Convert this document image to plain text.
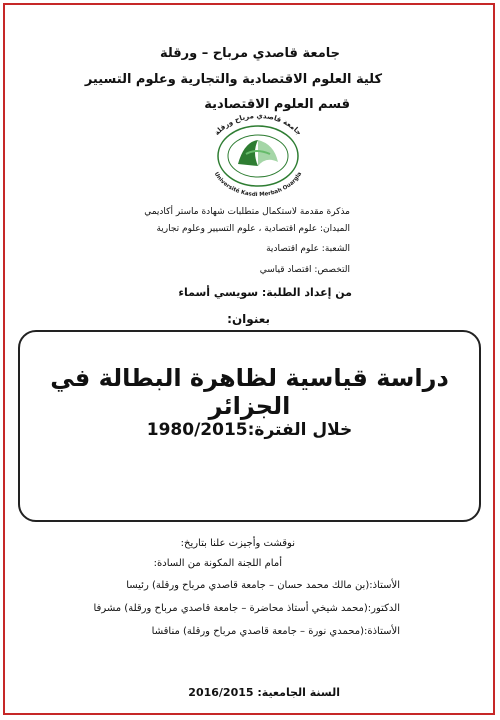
جامعة قاصدي مرباح – ورقلة
كلية العلوم الاقتصادية والتجارية وعلوم التسيير
قسم العلوم الاقتصادية
جامعة قاصدي مرباح ورقلة
Université Kasdi Merbah Ouargla
مذكرة مقدمة لاستكمال متطلبات شهادة ماستر أكاديمي
الميدان: علوم اقتصادية ، علوم التسيير وعلوم تجارية
الشعبة: علوم اقتصادية
التخصص: اقتصاد قياسي
من إعداد الطلبة: سويسي أسماء
بعنوان:
دراسة قياسية لظاهرة البطالة في الجزائر
خلال الفترة:1980/2015
نوقشت وأجيزت علنا بتاريخ:
أمام اللجنة المكونة من السادة:
الأستاذ:(بن مالك محمد حسان – جامعة قاصدي مرباح ورقلة) رئيسا
الدكتور:(محمد شيخي أستاذ محاضرة – جامعة قاصدي مرباح ورقلة) مشرفا
الأستاذة:(محمدي نورة – جامعة قاصدي مرباح ورقلة) مناقشا
السنة الجامعية: 2016/2015
